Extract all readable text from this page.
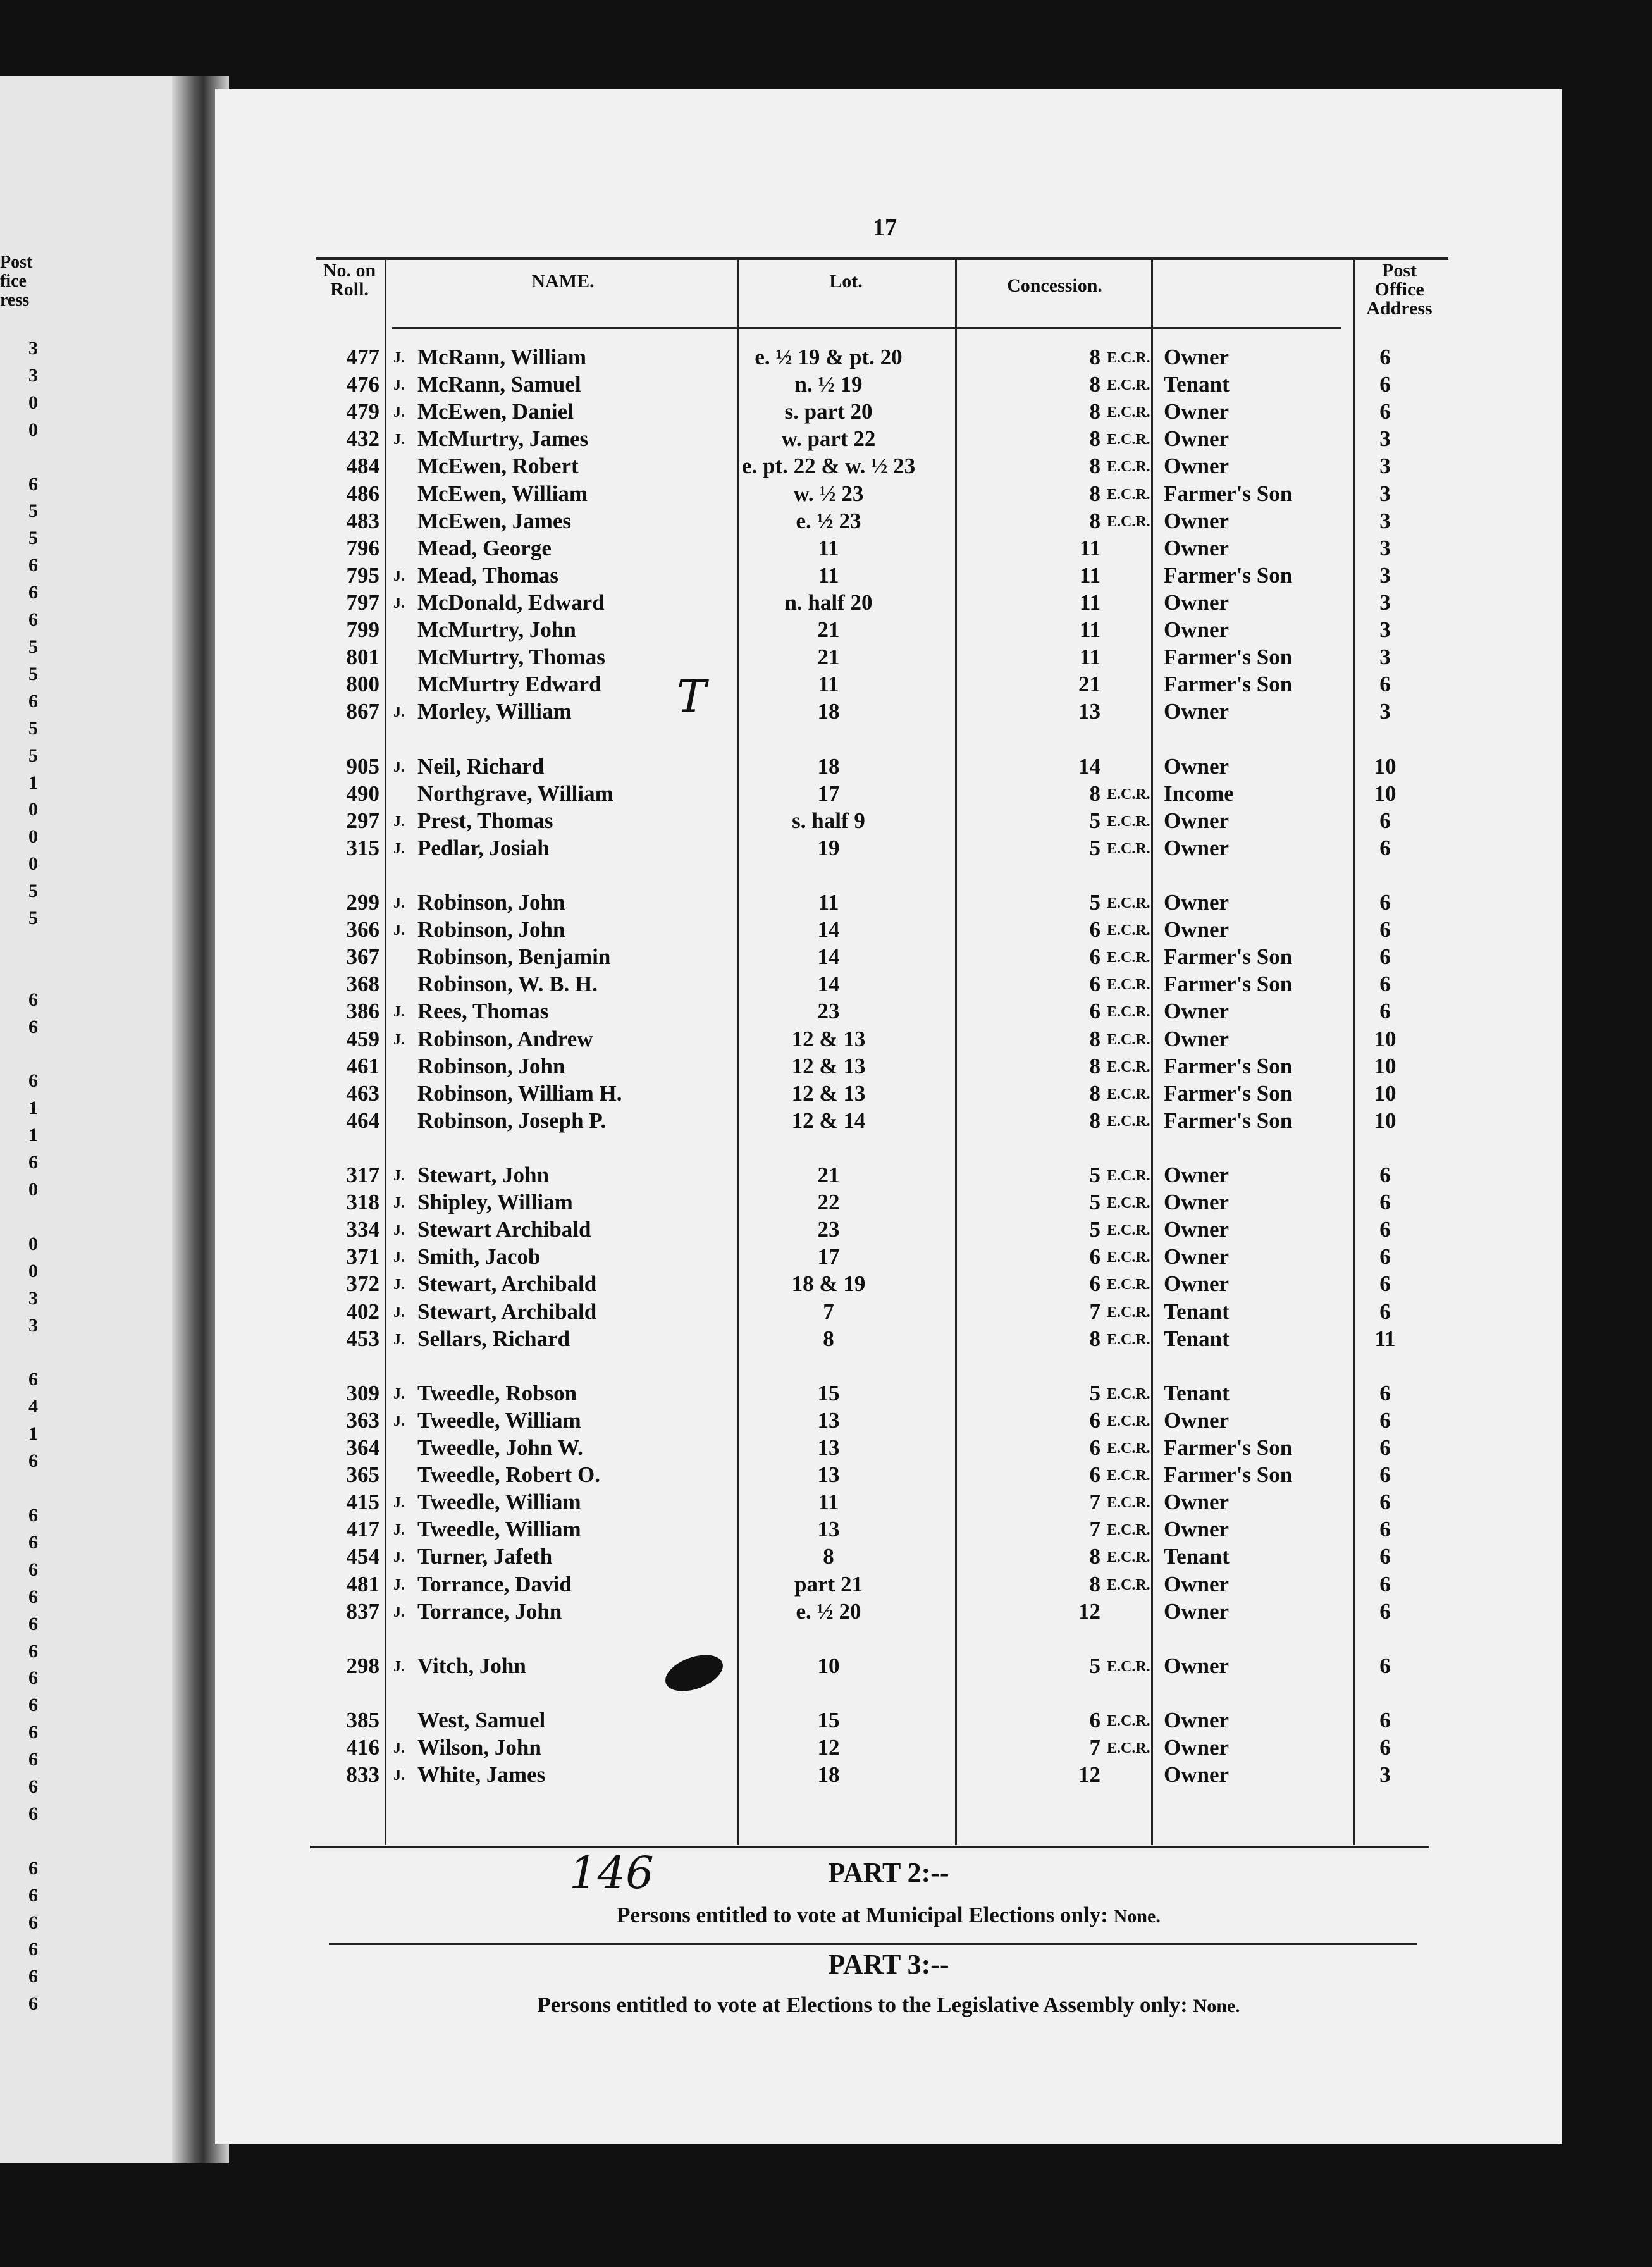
Post fice ress
3
3
0
0

6
5
5
6
6
6
5
5
6
5
5
1
0
0
0
5
5

6
6

6
1
1
6
0

0
0
3
3

6
4
1
6

6
6
6
6
6
6
6
6
6
6
6
6

6
6
6
6
6
6
17
No. on Roll.	NAME.	Lot.	Concession.
Post Office Address
477 J. McRann, William	e. ½ 19 & pt. 20	8 E.C.R. Owner	6
476 J. McRann, Samuel	n. ½ 19	8 E.C.R. Tenant	6
479 J. McEwen, Daniel	s. part 20	8 E.C.R. Owner	6
432 J. McMurtry, James	w. part 22	8 E.C.R. Owner	3
484 McEwen, Robert	e. pt. 22 & w. ½ 23	8 E.C.R. Owner	3
486 McEwen, William	w. ½ 23	8 E.C.R. Farmer's Son	3
483 McEwen, James	e. ½ 23	8 E.C.R. Owner	3
796 Mead, George	11	11	Owner	3
795 J. Mead, Thomas	11	11	Farmer's Son	3
797 J. McDonald, Edward	n. half 20	11	Owner	3
799 McMurtry, John	21	11	Owner	3
801 McMurtry, Thomas	21	11	Farmer's Son	3
800 McMurtry Edward	11	21	Farmer's Son	6
867 J. Morley, William	18	13	Owner	3
905 J. Neil, Richard	18	14	Owner	10
490 Northgrave, William	17	8 E.C.R. Income	10
297 J. Prest, Thomas	s. half 9	5 E.C.R. Owner	6
315 J. Pedlar, Josiah	19	5 E.C.R. Owner	6
299 J. Robinson, John	11	5 E.C.R. Owner	6
366 J. Robinson, John	14	6 E.C.R. Owner	6
367 Robinson, Benjamin	14	6 E.C.R. Farmer's Son	6
368 Robinson, W. B. H.	14	6 E.C.R. Farmer's Son	6
386 J. Rees, Thomas	23	6 E.C.R. Owner	6
459 J. Robinson, Andrew	12 & 13	8 E.C.R. Owner	10
461 Robinson, John	12 & 13	8 E.C.R. Farmer's Son	10
463 Robinson, William H.	12 & 13	8 E.C.R. Farmer's Son	10
464 Robinson, Joseph P.	12 & 14	8 E.C.R. Farmer's Son	10
317 J. Stewart, John	21	5 E.C.R. Owner	6
318 J. Shipley, William	22	5 E.C.R. Owner	6
334 J. Stewart Archibald	23	5 E.C.R. Owner	6
371 J. Smith, Jacob	17	6 E.C.R. Owner	6
372 J. Stewart, Archibald	18 & 19	6 E.C.R. Owner	6
402 J. Stewart, Archibald	7	7 E.C.R. Tenant	6
453 J. Sellars, Richard	8	8 E.C.R. Tenant	11
309 J. Tweedle, Robson	15	5 E.C.R. Tenant	6
363 J. Tweedle, William	13	6 E.C.R. Owner	6
364 Tweedle, John W.	13	6 E.C.R. Farmer's Son	6
365 Tweedle, Robert O.	13	6 E.C.R. Farmer's Son	6
415 J. Tweedle, William	11	7 E.C.R. Owner	6
417 J. Tweedle, William	13	7 E.C.R. Owner	6
454 J. Turner, Jafeth	8	8 E.C.R. Tenant	6
481 J. Torrance, David	part 21	8 E.C.R. Owner	6
837 J. Torrance, John	e. ½ 20	12	Owner	6
298 J. Vitch, John	10	5 E.C.R. Owner	6
385 West, Samuel	15	6 E.C.R. Owner	6
416 J. Wilson, John	12	7 E.C.R. Owner	6
833 J. White, James	18	12	Owner	3
PART 2:--
Persons entitled to vote at Municipal Elections only: None.
PART 3:--
Persons entitled to vote at Elections to the Legislative Assembly only: None.
146
T
